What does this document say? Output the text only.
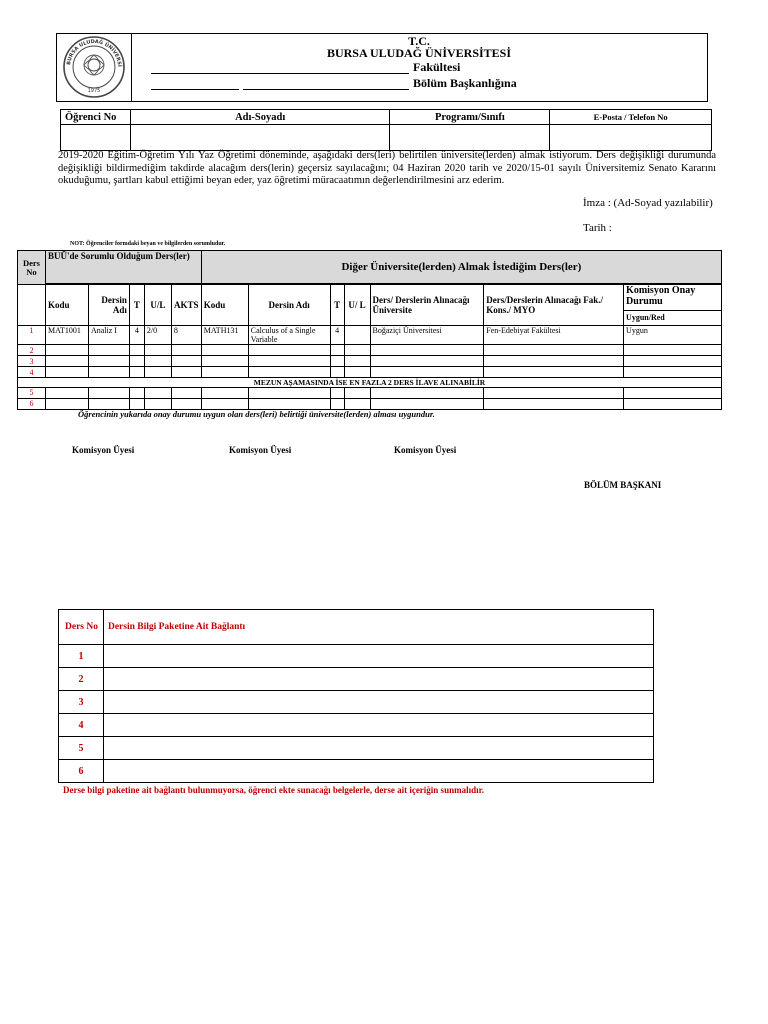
BURSA ULUDAĞ ÜNİVERSİ
1975
T.C.
BURSA ULUDAĞ ÜNİVERSİTESİ
Fakültesi
Bölüm Başkanlığına
Öğrenci No	Adı-Soyadı	Programı/Sınıfı	E-Posta / Telefon No

2019-2020 Eğitim-Öğretim Yılı Yaz Öğretimi döneminde, aşağıdaki ders(leri) belirtilen üniversite(lerden) almak istiyorum. Ders değişikliği durumunda değişikliği bildirmediğim takdirde alacağım ders(lerin) geçersiz sayılacağını; 04 Haziran 2020 tarih ve 2020/15-01 sayılı Üniversitemiz Senato Kararını okuduğumu, şartları kabul ettiğimi beyan eder, yaz öğretimi müracaatımın değerlendirilmesini arz ederim.
İmza : (Ad-Soyad yazılabilir)
Tarih :
NOT: Öğrenciler formdaki beyan ve bilgilerden sorumludur.
Ders No	BUÜ'de Sorumlu Olduğum Ders(ler)					Diğer Üniversite(lerden) Almak İstediğim Ders(ler)						

	Kodu	Dersin Adı	T	U/L	AKTS	Kodu	Dersin Adı	T	U/ L	Ders/ Derslerin Alınacağı Üniversite	Ders/Derslerin Alınacağı Fak./ Kons./ MYO	Komisyon Onay Durumu
												Uygun/Red
1	MAT1001	Analiz I	4	2/0	8	MATH131	Calculus of a Single Variable	4		Boğaziçi Üniversitesi	Fen-Edebiyat Fakültesi	Uygun
2												
3												
4												
MEZUN AŞAMASINDA İSE EN FAZLA 2 DERS İLAVE ALINABİLİR												
5												
6												
Öğrencinin yukarıda onay durumu uygun olan ders(leri) belirtiği üniversite(lerden) alması uygundur.
Komisyon Üyesi	Komisyon Üyesi	Komisyon Üyesi
BÖLÜM BAŞKANI
Ders No	Dersin Bilgi Paketine Ait Bağlantı
1	
2	
3	
4	
5	
6	
Derse bilgi paketine ait bağlantı bulunmuyorsa, öğrenci ekte sunacağı belgelerle, derse ait içeriğin sunmalıdır.
